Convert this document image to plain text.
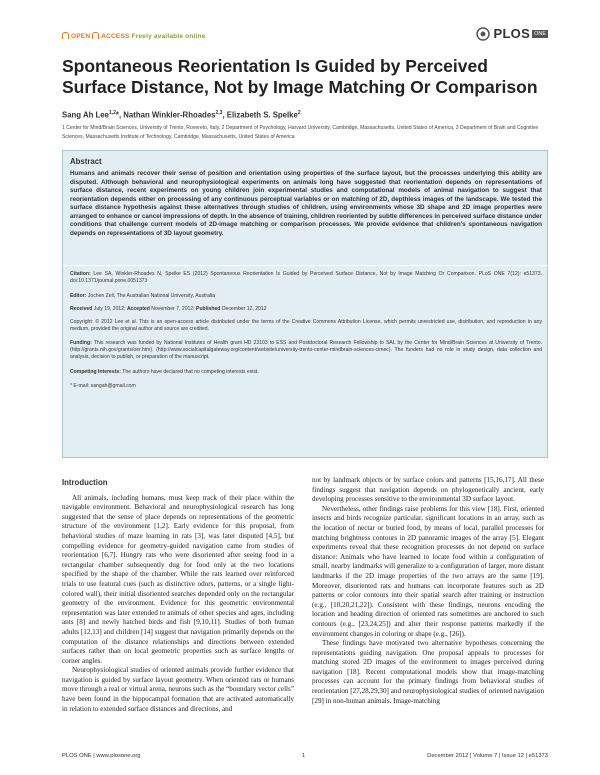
OPEN ACCESS Freely available online	PLOS ONE
Spontaneous Reorientation Is Guided by Perceived Surface Distance, Not by Image Matching Or Comparison
Sang Ah Lee$^{1,2}$*, Nathan Winkler-Rhoades$^{2,3}$, Elizabeth S. Spelke$^2$
1 Center for Mind/Brain Sciences, University of Trento, Rovereto, Italy, 2 Department of Psychology, Harvard University, Cambridge, Massachusetts, United States of America, 3 Department of Brain and Cognitive Sciences, Massachusetts Institute of Technology, Cambridge, Massachusetts, United States of America
Abstract
Humans and animals recover their sense of position and orientation using properties of the surface layout, but the processes underlying this ability are disputed. Although behavioral and neurophysiological experiments on animals long have suggested that reorientation depends on representations of surface distance, recent experiments on young children join experimental studies and computational models of animal navigation to suggest that reorientation depends either on processing of any continuous perceptual variables or on matching of 2D, depthless images of the landscape. We tested the surface distance hypothesis against these alternatives through studies of children, using environments whose 3D shape and 2D image properties were arranged to enhance or cancel impressions of depth. In the absence of training, children reoriented by subtle differences in perceived surface distance under conditions that challenge current models of 2D-image matching or comparison processes. We provide evidence that children's spontaneous navigation depends on representations of 3D layout geometry.
Citation: Lee SA, Winkler-Rhoades N, Spelke ES (2012) Spontaneous Reorientation Is Guided by Perceived Surface Distance, Not by Image Matching Or Comparison. PLoS ONE 7(12): e51373. doi:10.1371/journal.pone.0051373
Editor: Jochen Zeil, The Australian National University, Australia
Received July 19, 2012; Accepted November 7, 2012; Published December 12, 2012
Copyright: © 2012 Lee et al. This is an open-access article distributed under the terms of the Creative Commons Attribution License, which permits unrestricted use, distribution, and reproduction in any medium, provided the original author and source are credited.
Funding: This research was funded by National Institutes of Health grant HD 23103 to ESS and Postdoctoral Research Fellowship to SAL by the Center for Mind/Brain Sciences at University of Trento. (http://grants.nih.gov/grants/oer.htm). (http://www.socialcapitalgateway.org/content/website/university-trento-center-mindbrain-sciences-cimec). The funders had no role in study design, data collection and analysis, decision to publish, or preparation of the manuscript.
Competing Interests: The authors have declared that no competing interests exist.
* E-mail: sangah@gmail.com
Introduction

All animals, including humans, must keep track of their place within the navigable environment. Behavioral and neurophysiological research has long suggested that the sense of place depends on representations of the geometric structure of the environment [1,2]. Early evidence for this proposal, from behavioral studies of maze learning in rats [3], was later disputed [4,5], but compelling evidence for geometry-guided navigation came from studies of reorientation [6,7]. Hungry rats who were disoriented after seeing food in a rectangular chamber subsequently dug for food only at the two locations specified by the shape of the chamber. While the rats learned over reinforced trials to use featural cues (such as distinctive odors, patterns, or a single light-colored wall), their initial disoriented searches depended only on the rectangular geometry of the environment. Evidence for this geometric environmental representation was later extended to animals of other species and ages, including ants [8] and newly hatched birds and fish [9,10,11]. Studies of both human adults [12,13] and children [14] suggest that navigation primarily depends on the computation of the distance relationships and directions between extended surfaces rather than on local geometric properties such as surface lengths or corner angles.

Neurophysiological studies of oriented animals provide further evidence that navigation is guided by surface layout geometry. When oriented rats or humans move through a real or virtual arena, neurons such as the “boundary vector cells” have been found in the hippocampal formation that are activated automatically in relation to extended surface distances and directions, and

not by landmark objects or by surface colors and patterns [15,16,17]. All these findings suggest that navigation depends on phylogenetically ancient, early developing processes sensitive to the environmental 3D surface layout.

Nevertheless, other findings raise problems for this view [18]. First, oriented insects and birds recognize particular, significant locations in an array, such as the location of nectar or buried food, by means of local, parallel processes for matching brightness contours in 2D panoramic images of the array [5]. Elegant experiments reveal that these recognition processes do not depend on surface distance: Animals who have learned to locate food within a configuration of small, nearby landmarks will generalize to a configuration of larger, more distant landmarks if the 2D image properties of the two arrays are the same [19]. Moreover, disoriented rats and humans can incorporate features such as 2D patterns or color contours into their spatial search after training or instruction (e.g., [10,20,21,22]). Consistent with these findings, neurons encoding the location and heading direction of oriented rats sometimes are anchored to such contours (e.g., [23,24,25]) and alter their response patterns markedly if the environment changes in coloring or shape (e.g., [26]).

These findings have motivated two alternative hypotheses concerning the representations guiding navigation. One proposal appeals to processes for matching stored 2D images of the environment to images perceived during navigation [18]. Recent computational models show that image-matching processes can account for the primary findings from behavioral studies of reorientation [27,28,29,30] and neurophysiological studies of oriented navigation [29] in non-human animals. Image-matching

PLOS ONE | www.plosone.org	1	December 2012 | Volume 7 | Issue 12 | e51373
